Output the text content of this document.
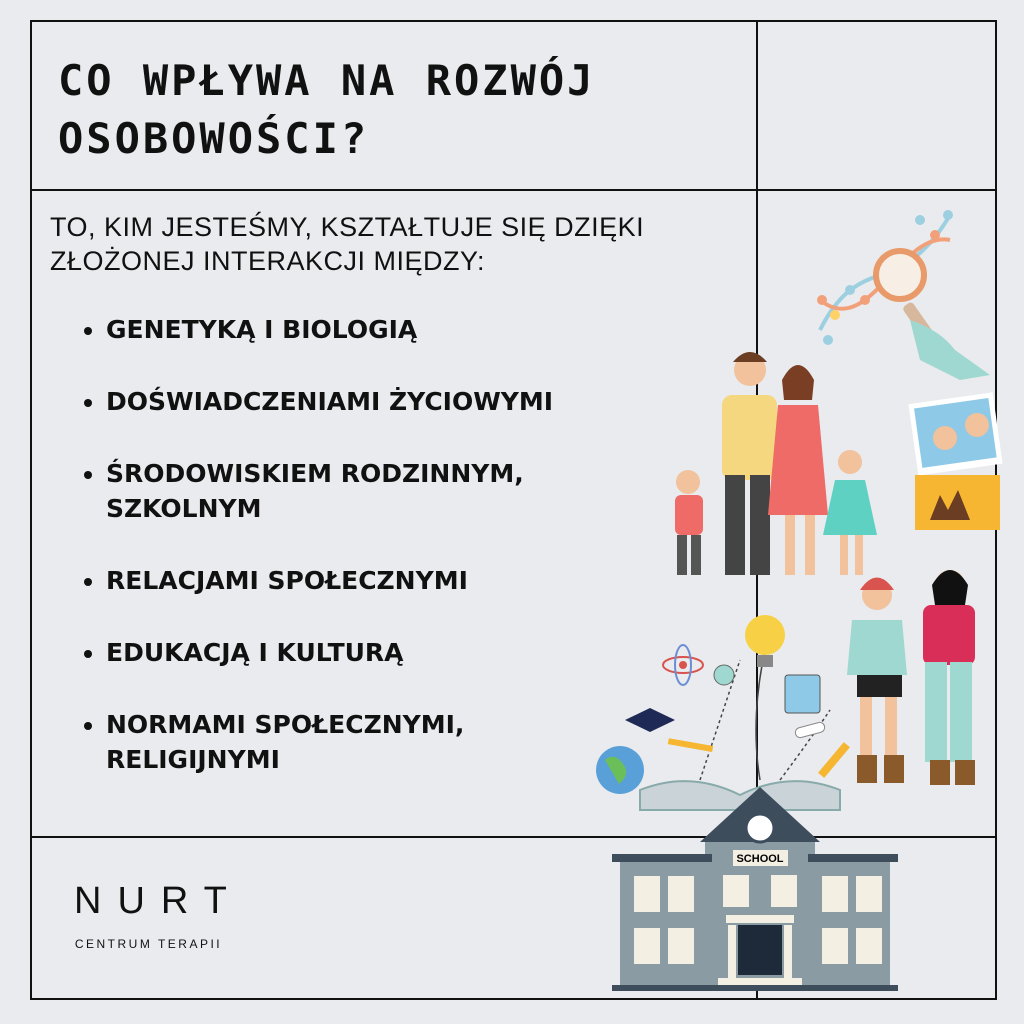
CO WPŁYWA NA ROZWÓJ OSOBOWOŚCI?
TO, KIM JESTEŚMY, KSZTAŁTUJE SIĘ DZIĘKI ZŁOŻONEJ INTERAKCJI MIĘDZY:
• GENETYKĄ I BIOLOGIĄ
• DOŚWIADCZENIAMI ŻYCIOWYMI
• ŚRODOWISKIEM RODZINNYM, SZKOLNYM
• RELACJAMI SPOŁECZNYMI
• EDUKACJĄ I KULTURĄ
• NORMAMI SPOŁECZNYMI, RELIGIJNYMI
NURT
CENTRUM TERAPII
SCHOOL
